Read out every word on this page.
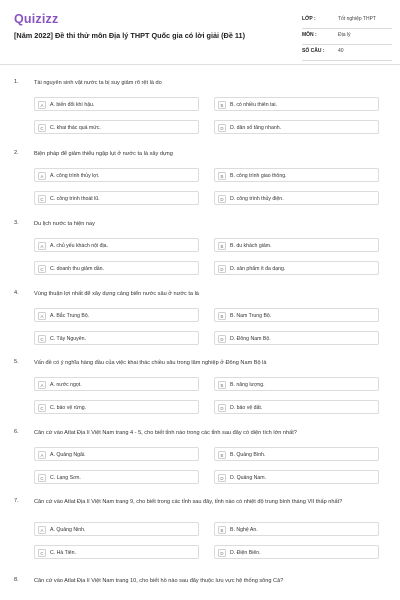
Quizizz
[Năm 2022] Đề thi thử môn Địa lý THPT Quốc gia có lời giải (Đề 11)
LỚP :	Tốt nghiệp THPT
MÔN :	Địa lý
SỐ CÂU :	40
1.	Tài nguyên sinh vật nước ta bị suy giảm rõ rệt là do
A	A. biến đổi khí hậu.	B	B. có nhiều thiên tai.
C	C. khai thác quá mức.	D	D. dân số tăng nhanh.
2.	Biện pháp để giảm thiểu ngập lụt ở nước ta là xây dựng
A	A. công trình thủy lợi.	B	B. công trình giao thông.
C	C. công trình thoát lũ.	D	D. công trình thủy điện.
3.	Du lịch nước ta hiện nay
A	A. chủ yếu khách nội địa.	B	B. du khách giảm.
C	C. doanh thu giảm dần.	D	D. sản phẩm ít đa dạng.
4.	Vùng thuận lợi nhất để xây dựng cảng biển nước sâu ở nước ta là
A	A. Bắc Trung Bộ.	B	B. Nam Trung Bộ.
C	C. Tây Nguyên.	D	D. Đông Nam Bộ.
5.	Vấn đề có ý nghĩa hàng đầu của việc khai thác chiều sâu trong lâm nghiệp ở Đông Nam Bộ là
A	A. nước ngọt.	B	B. năng lượng.
C	C. bảo vệ rừng.	D	D. bảo vệ đất.
6.	Căn cứ vào Atlat Địa lí Việt Nam trang 4 - 5, cho biết tỉnh nào trong các tỉnh sau đây có diện tích lớn nhất?
A	A. Quảng Ngãi.	B	B. Quảng Bình.
C	C. Lạng Sơn.	D	D. Quảng Nam.
7.	Căn cứ vào Atlat Địa lí Việt Nam trang 9, cho biết trong các tỉnh sau đây, tỉnh nào có nhiệt độ trung bình tháng VII thấp nhất?
A	A. Quảng Ninh.	B	B. Nghệ An.
C	C. Hà Tiên.	D	D. Điện Biên.
8.	Căn cứ vào Atlat Địa lí Việt Nam trang 10, cho biết hồ nào sau đây thuộc lưu vực hệ thống sông Cả?
